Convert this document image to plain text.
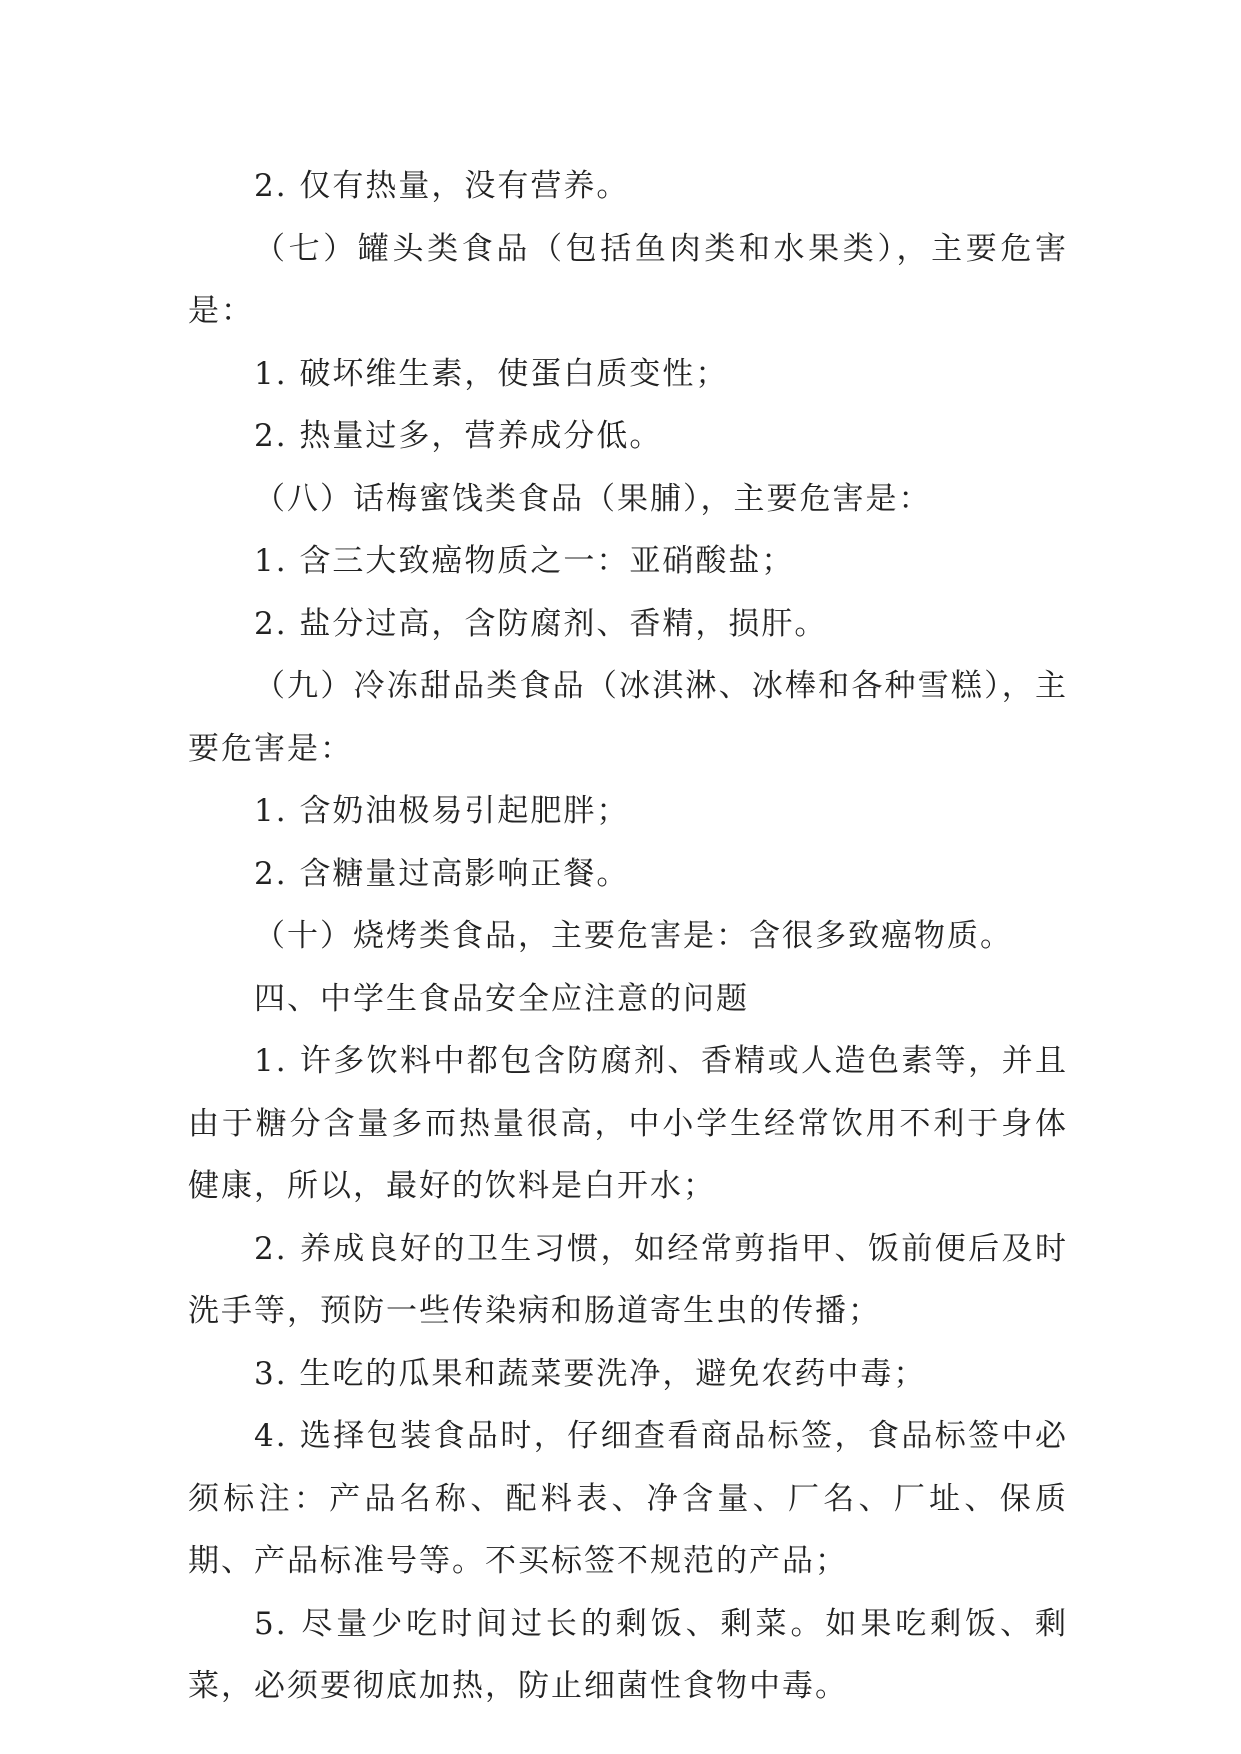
2. 仅有热量，没有营养。

（七）罐头类食品（包括鱼肉类和水果类），主要危害是：

1. 破坏维生素，使蛋白质变性；

2. 热量过多，营养成分低。

（八）话梅蜜饯类食品（果脯），主要危害是：

1. 含三大致癌物质之一：亚硝酸盐；

2. 盐分过高，含防腐剂、香精，损肝。

（九）冷冻甜品类食品（冰淇淋、冰棒和各种雪糕），主要危害是：

1. 含奶油极易引起肥胖；

2. 含糖量过高影响正餐。

（十）烧烤类食品，主要危害是：含很多致癌物质。

四、中学生食品安全应注意的问题

1. 许多饮料中都包含防腐剂、香精或人造色素等，并且由于糖分含量多而热量很高，中小学生经常饮用不利于身体健康，所以，最好的饮料是白开水；

2. 养成良好的卫生习惯，如经常剪指甲、饭前便后及时洗手等，预防一些传染病和肠道寄生虫的传播；

3. 生吃的瓜果和蔬菜要洗净，避免农药中毒；

4. 选择包装食品时，仔细查看商品标签，食品标签中必须标注：产品名称、配料表、净含量、厂名、厂址、保质期、产品标准号等。不买标签不规范的产品；

5. 尽量少吃时间过长的剩饭、剩菜。如果吃剩饭、剩菜，必须要彻底加热，防止细菌性食物中毒。
